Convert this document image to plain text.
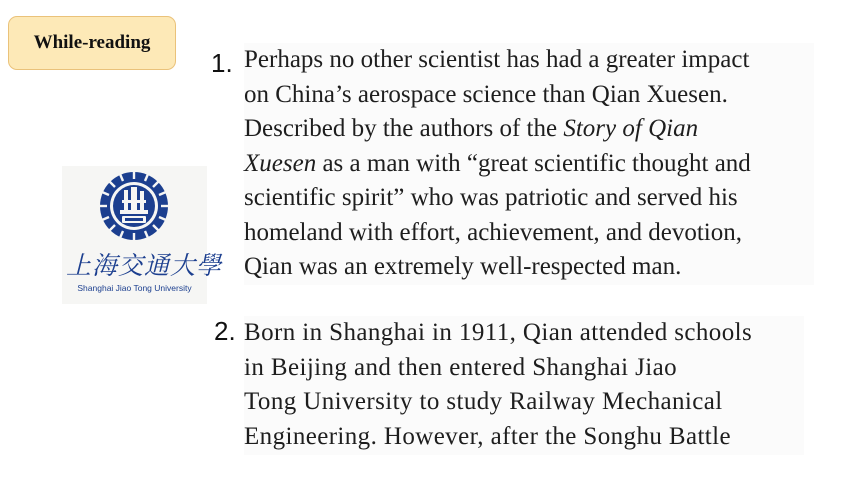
While-reading
上海交通大學
Shanghai Jiao Tong University
1. Perhaps no other scientist has had a greater impact
on China’s aerospace science than Qian Xuesen.
Described by the authors of the Story of Qian
Xuesen as a man with “great scientific thought and
scientific spirit” who was patriotic and served his
homeland with effort, achievement, and devotion,
Qian was an extremely well-respected man.
2. Born in Shanghai in 1911, Qian attended schools
in Beijing and then entered Shanghai Jiao
Tong University to study Railway Mechanical
Engineering. However, after the Songhu Battle
